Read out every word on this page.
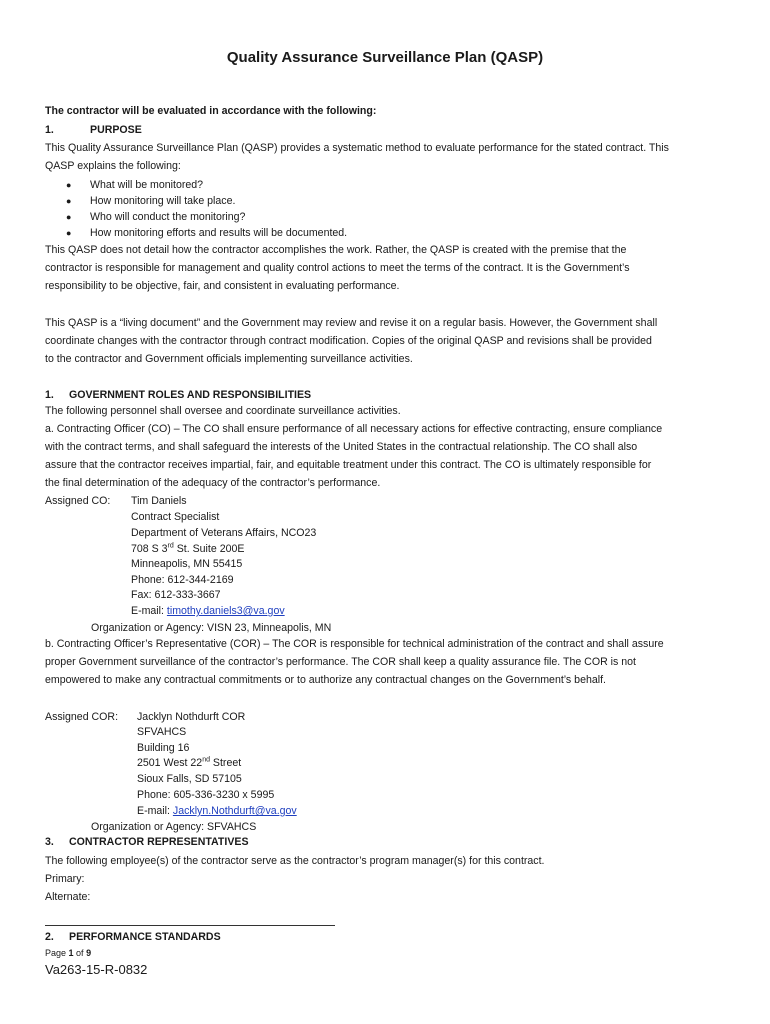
Quality Assurance Surveillance Plan (QASP)
The contractor will be evaluated in accordance with the following:
1.	PURPOSE
This Quality Assurance Surveillance Plan (QASP) provides a systematic method to evaluate performance for the stated contract. This
QASP explains the following:
● What will be monitored?
● How monitoring will take place.
● Who will conduct the monitoring?
● How monitoring efforts and results will be documented.
This QASP does not detail how the contractor accomplishes the work. Rather, the QASP is created with the premise that the
contractor is responsible for management and quality control actions to meet the terms of the contract. It is the Government’s
responsibility to be objective, fair, and consistent in evaluating performance.
This QASP is a “living document” and the Government may review and revise it on a regular basis. However, the Government shall
coordinate changes with the contractor through contract modification. Copies of the original QASP and revisions shall be provided
to the contractor and Government officials implementing surveillance activities.
1. GOVERNMENT ROLES AND RESPONSIBILITIES
The following personnel shall oversee and coordinate surveillance activities.
a. Contracting Officer (CO) – The CO shall ensure performance of all necessary actions for effective contracting, ensure compliance
with the contract terms, and shall safeguard the interests of the United States in the contractual relationship. The CO shall also
assure that the contractor receives impartial, fair, and equitable treatment under this contract. The CO is ultimately responsible for
the final determination of the adequacy of the contractor’s performance.
Assigned CO: Tim Daniels
Contract Specialist
Department of Veterans Affairs, NCO23
708 S 3rd St. Suite 200E
Minneapolis, MN 55415
Phone: 612-344-2169
Fax: 612-333-3667
E-mail: timothy.daniels3@va.gov
Organization or Agency: VISN 23, Minneapolis, MN
b. Contracting Officer’s Representative (COR) – The COR is responsible for technical administration of the contract and shall assure
proper Government surveillance of the contractor’s performance. The COR shall keep a quality assurance file. The COR is not
empowered to make any contractual commitments or to authorize any contractual changes on the Government’s behalf.
Assigned COR: Jacklyn Nothdurft COR
SFVAHCS
Building 16
2501 West 22nd Street
Sioux Falls, SD 57105
Phone: 605-336-3230 x 5995
E-mail: Jacklyn.Nothdurft@va.gov
Organization or Agency: SFVAHCS
3. CONTRACTOR REPRESENTATIVES
The following employee(s) of the contractor serve as the contractor’s program manager(s) for this contract.
Primary:
Alternate:
2. PERFORMANCE STANDARDS
Page 1 of 9
Va263-15-R-0832
